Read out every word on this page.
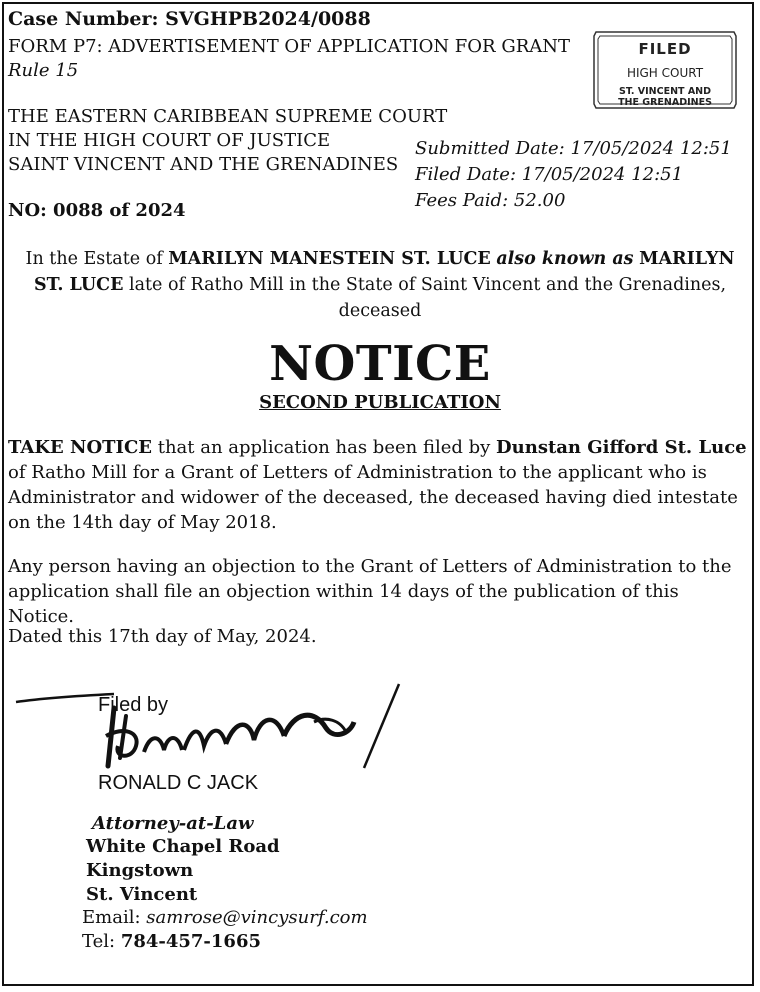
Case Number: SVGHPB2024/0088
FORM P7: ADVERTISEMENT OF APPLICATION FOR GRANT
Rule 15
THE EASTERN CARIBBEAN SUPREME COURT
IN THE HIGH COURT OF JUSTICE
SAINT VINCENT AND THE GRENADINES
NO: 0088 of 2024
Submitted Date: 17/05/2024 12:51
Filed Date: 17/05/2024 12:51
Fees Paid: 52.00
FILED
HIGH COURT
ST. VINCENT AND
THE GRENADINES
In the Estate of MARILYN MANESTEIN ST. LUCE also known as MARILYN ST. LUCE late of Ratho Mill in the State of Saint Vincent and the Grenadines, deceased
NOTICE
SECOND PUBLICATION
TAKE NOTICE that an application has been filed by Dunstan Gifford St. Luce of Ratho Mill for a Grant of Letters of Administration to the applicant who is Administrator and widower of the deceased, the deceased having died intestate on the 14th day of May 2018.
Any person having an objection to the Grant of Letters of Administration to the application shall file an objection within 14 days of the publication of this Notice.
Dated this 17th day of May, 2024.
Filed by
RONALD C JACK
Attorney-at-Law
White Chapel Road
Kingstown
St. Vincent
Email: samrose@vincysurf.com
Tel: 784-457-1665
